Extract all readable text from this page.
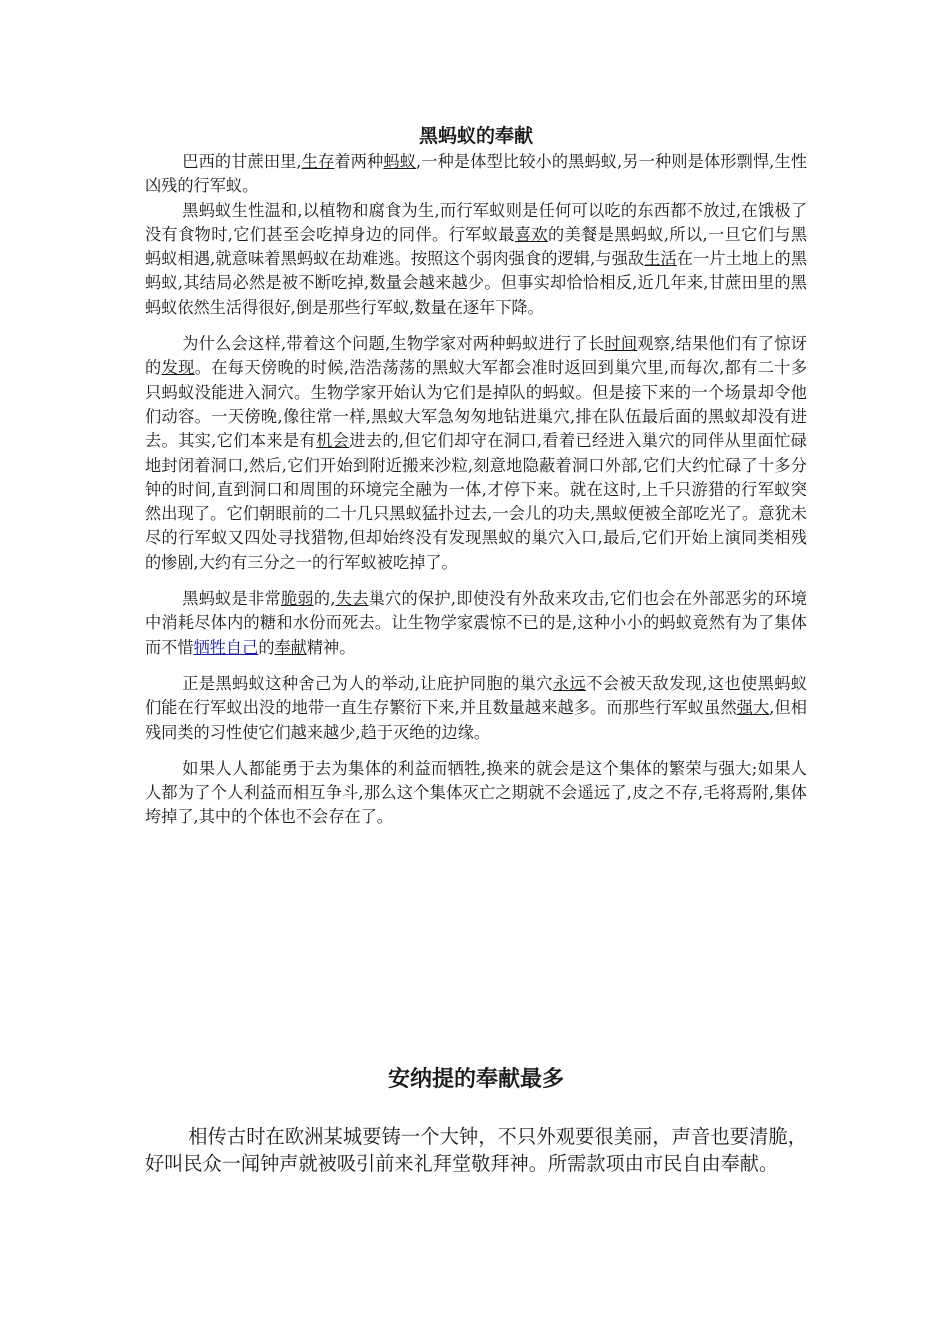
黑蚂蚁的奉献

巴西的甘蔗田里,生存着两种蚂蚁,一种是体型比较小的黑蚂蚁,另一种则是体形剽悍,生性凶残的行军蚁。

黑蚂蚁生性温和,以植物和腐食为生,而行军蚁则是任何可以吃的东西都不放过,在饿极了没有食物时,它们甚至会吃掉身边的同伴。行军蚁最喜欢的美餐是黑蚂蚁,所以,一旦它们与黑蚂蚁相遇,就意味着黑蚂蚁在劫难逃。按照这个弱肉强食的逻辑,与强敌生活在一片土地上的黑蚂蚁,其结局必然是被不断吃掉,数量会越来越少。但事实却恰恰相反,近几年来,甘蔗田里的黑蚂蚁依然生活得很好,倒是那些行军蚁,数量在逐年下降。

为什么会这样,带着这个问题,生物学家对两种蚂蚁进行了长时间观察,结果他们有了惊讶的发现。在每天傍晚的时候,浩浩荡荡的黑蚁大军都会准时返回到巢穴里,而每次,都有二十多只蚂蚁没能进入洞穴。生物学家开始认为它们是掉队的蚂蚁。但是接下来的一个场景却令他们动容。一天傍晚,像往常一样,黑蚁大军急匆匆地钻进巢穴,排在队伍最后面的黑蚁却没有进去。其实,它们本来是有机会进去的,但它们却守在洞口,看着已经进入巢穴的同伴从里面忙碌地封闭着洞口,然后,它们开始到附近搬来沙粒,刻意地隐蔽着洞口外部,它们大约忙碌了十多分钟的时间,直到洞口和周围的环境完全融为一体,才停下来。就在这时,上千只游猎的行军蚁突然出现了。它们朝眼前的二十几只黑蚁猛扑过去,一会儿的功夫,黑蚁便被全部吃光了。意犹未尽的行军蚁又四处寻找猎物,但却始终没有发现黑蚁的巢穴入口,最后,它们开始上演同类相残的惨剧,大约有三分之一的行军蚁被吃掉了。

黑蚂蚁是非常脆弱的,失去巢穴的保护,即使没有外敌来攻击,它们也会在外部恶劣的环境中消耗尽体内的糖和水份而死去。让生物学家震惊不已的是,这种小小的蚂蚁竟然有为了集体而不惜牺牲自己的奉献精神。

正是黑蚂蚁这种舍己为人的举动,让庇护同胞的巢穴永远不会被天敌发现,这也使黑蚂蚁们能在行军蚁出没的地带一直生存繁衍下来,并且数量越来越多。而那些行军蚁虽然强大,但相残同类的习性使它们越来越少,趋于灭绝的边缘。

如果人人都能勇于去为集体的利益而牺牲,换来的就会是这个集体的繁荣与强大;如果人人都为了个人利益而相互争斗,那么这个集体灭亡之期就不会遥远了,皮之不存,毛将焉附,集体垮掉了,其中的个体也不会存在了。

安纳提的奉献最多

相传古时在欧洲某城要铸一个大钟，不只外观要很美丽，声音也要清脆，好叫民众一闻钟声就被吸引前来礼拜堂敬拜神。所需款项由市民自由奉献。
